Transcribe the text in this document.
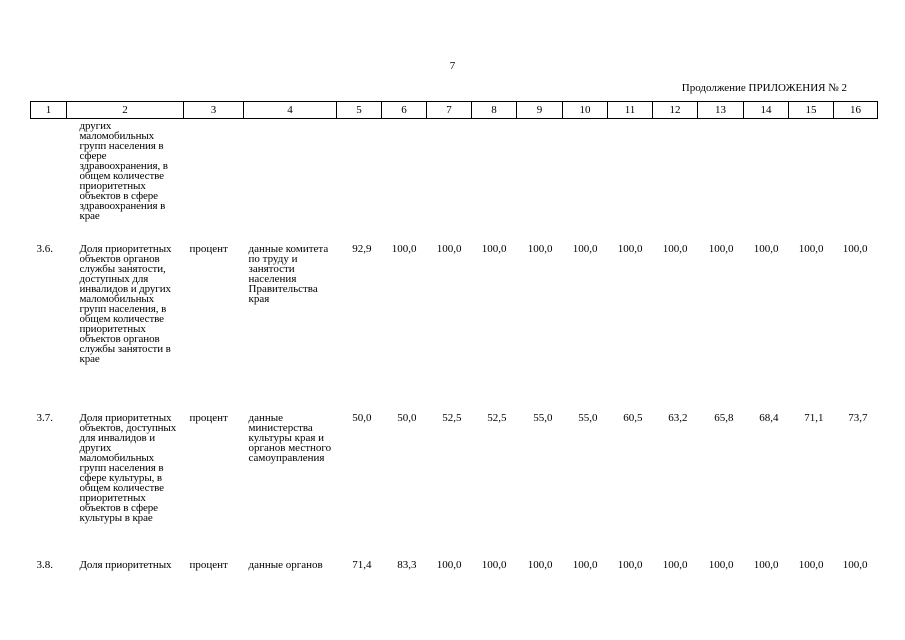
7
Продолжение ПРИЛОЖЕНИЯ № 2
1	2	3	4	5	6	7	8	9	10	11	12	13	14	15	16
	других маломобильных групп населения в сфере здравоохранения, в общем количестве приоритетных объектов в сфере здравоохранения в крае														
3.6.	Доля приоритетных объектов органов службы занятости, доступных для инвалидов и других маломобильных групп населения, в общем количестве приоритетных объектов органов службы занятости в крае	процент	данные комитета по труду и занятости населения Правительства края	92,9	100,0	100,0	100,0	100,0	100,0	100,0	100,0	100,0	100,0	100,0	100,0
3.7.	Доля приоритетных объектов, доступных для инвалидов и других маломобильных групп населения в сфере культуры, в общем количестве приоритетных объектов в сфере культуры в крае	процент	данные министерства культуры края и органов местного самоуправления	50,0	50,0	52,5	52,5	55,0	55,0	60,5	63,2	65,8	68,4	71,1	73,7
3.8.	Доля приоритетных	процент	данные органов	71,4	83,3	100,0	100,0	100,0	100,0	100,0	100,0	100,0	100,0	100,0	100,0
